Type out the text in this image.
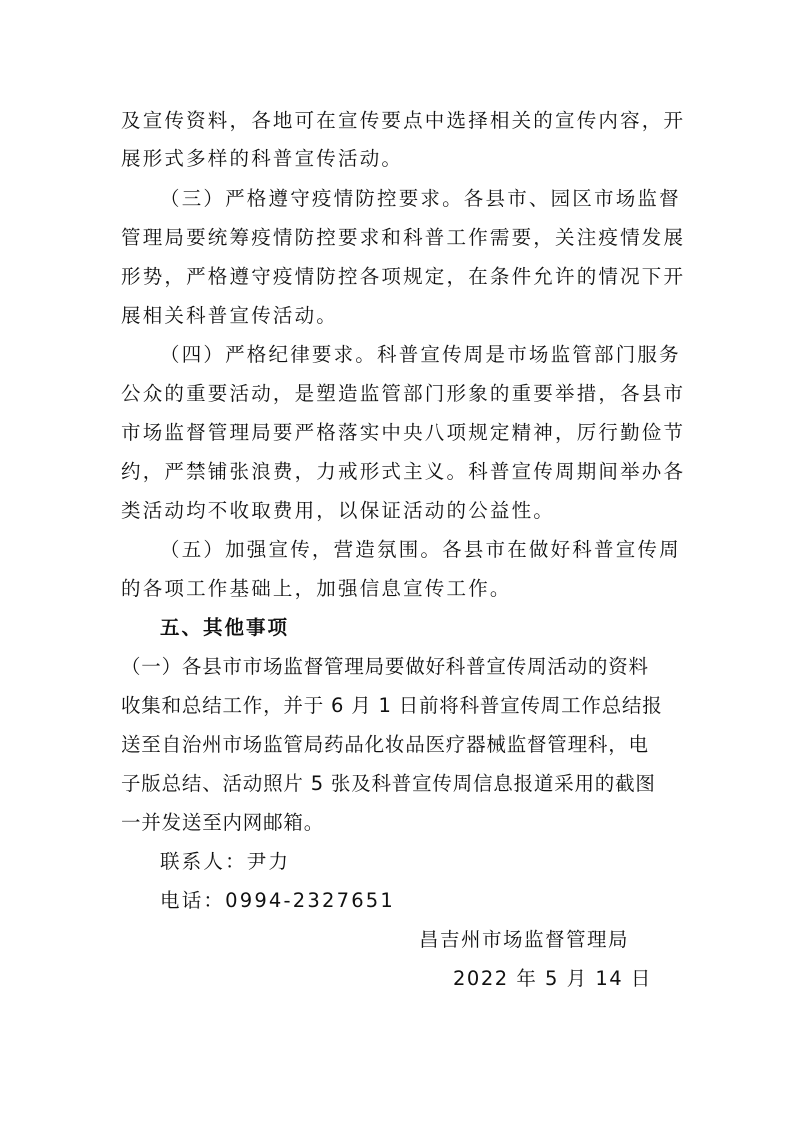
及宣传资料，各地可在宣传要点中选择相关的宣传内容，开
展形式多样的科普宣传活动。
（三）严格遵守疫情防控要求。各县市、园区市场监督
管理局要统筹疫情防控要求和科普工作需要，关注疫情发展
形势，严格遵守疫情防控各项规定，在条件允许的情况下开
展相关科普宣传活动。
（四）严格纪律要求。科普宣传周是市场监管部门服务
公众的重要活动，是塑造监管部门形象的重要举措，各县市
市场监督管理局要严格落实中央八项规定精神，厉行勤俭节
约，严禁铺张浪费，力戒形式主义。科普宣传周期间举办各
类活动均不收取费用，以保证活动的公益性。
（五）加强宣传，营造氛围。各县市在做好科普宣传周
的各项工作基础上，加强信息宣传工作。
五、其他事项
（一）各县市市场监督管理局要做好科普宣传周活动的资料
收集和总结工作，并于 6 月 1 日前将科普宣传周工作总结报
送至自治州市场监管局药品化妆品医疗器械监督管理科，电
子版总结、活动照片 5 张及科普宣传周信息报道采用的截图
一并发送至内网邮箱。
联系人：尹力
电话：0994-2327651
昌吉州市场监督管理局
2022 年 5 月 14 日
